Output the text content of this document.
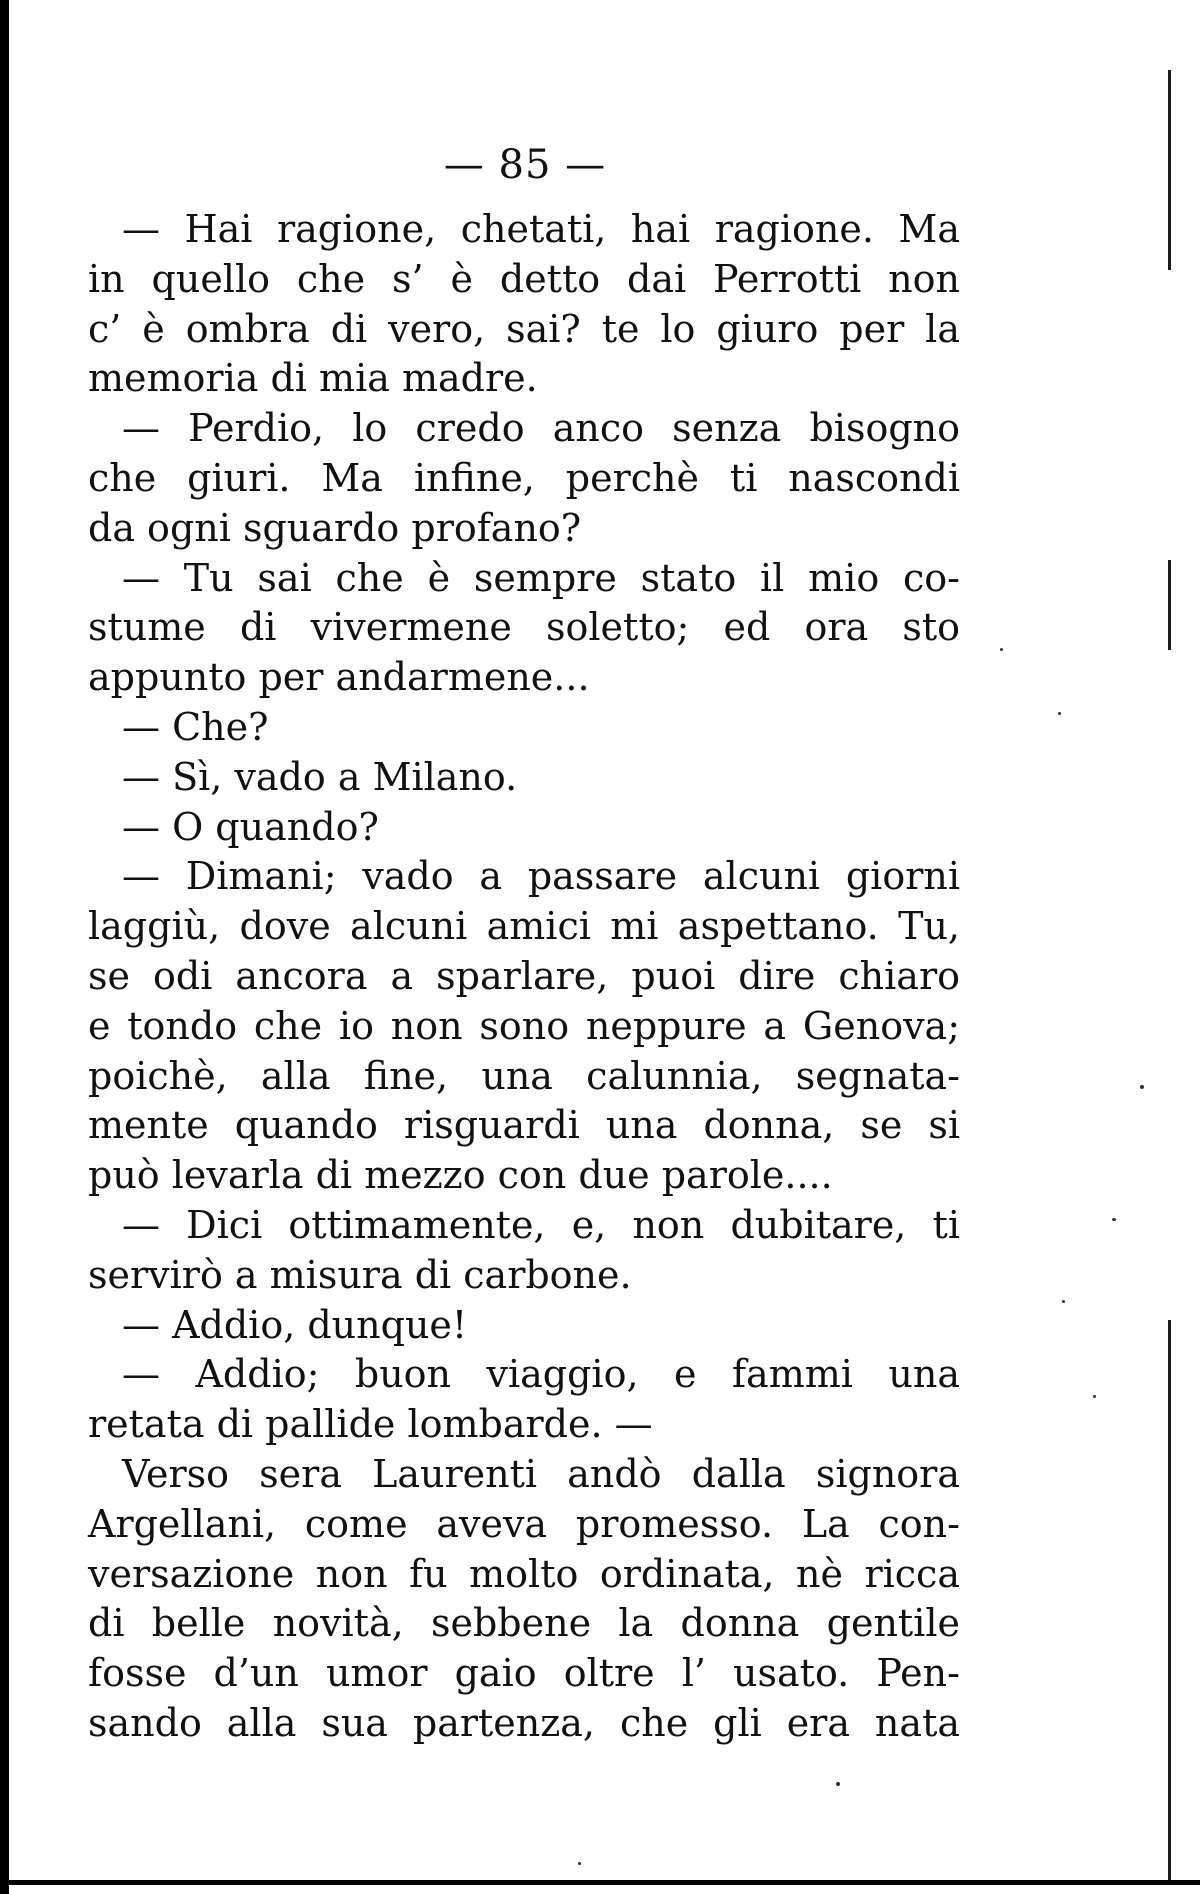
— 85 —
— Hai ragione, chetati, hai ragione. Ma
in quello che s’ è detto dai Perrotti non
c’ è ombra di vero, sai? te lo giuro per la
memoria di mia madre.
— Perdio, lo credo anco senza bisogno
che giuri. Ma infine, perchè ti nascondi
da ogni sguardo profano?
— Tu sai che è sempre stato il mio co-
stume di vivermene soletto; ed ora sto
appunto per andarmene...
— Che?
— Sì, vado a Milano.
— O quando?
— Dimani; vado a passare alcuni giorni
laggiù, dove alcuni amici mi aspettano. Tu,
se odi ancora a sparlare, puoi dire chiaro
e tondo che io non sono neppure a Genova;
poichè, alla fine, una calunnia, segnata-
mente quando risguardi una donna, se si
può levarla di mezzo con due parole....
— Dici ottimamente, e, non dubitare, ti
servirò a misura di carbone.
— Addio, dunque!
— Addio; buon viaggio, e fammi una
retata di pallide lombarde. —
Verso sera Laurenti andò dalla signora
Argellani, come aveva promesso. La con-
versazione non fu molto ordinata, nè ricca
di belle novità, sebbene la donna gentile
fosse d’un umor gaio oltre l’ usato. Pen-
sando alla sua partenza, che gli era nata
